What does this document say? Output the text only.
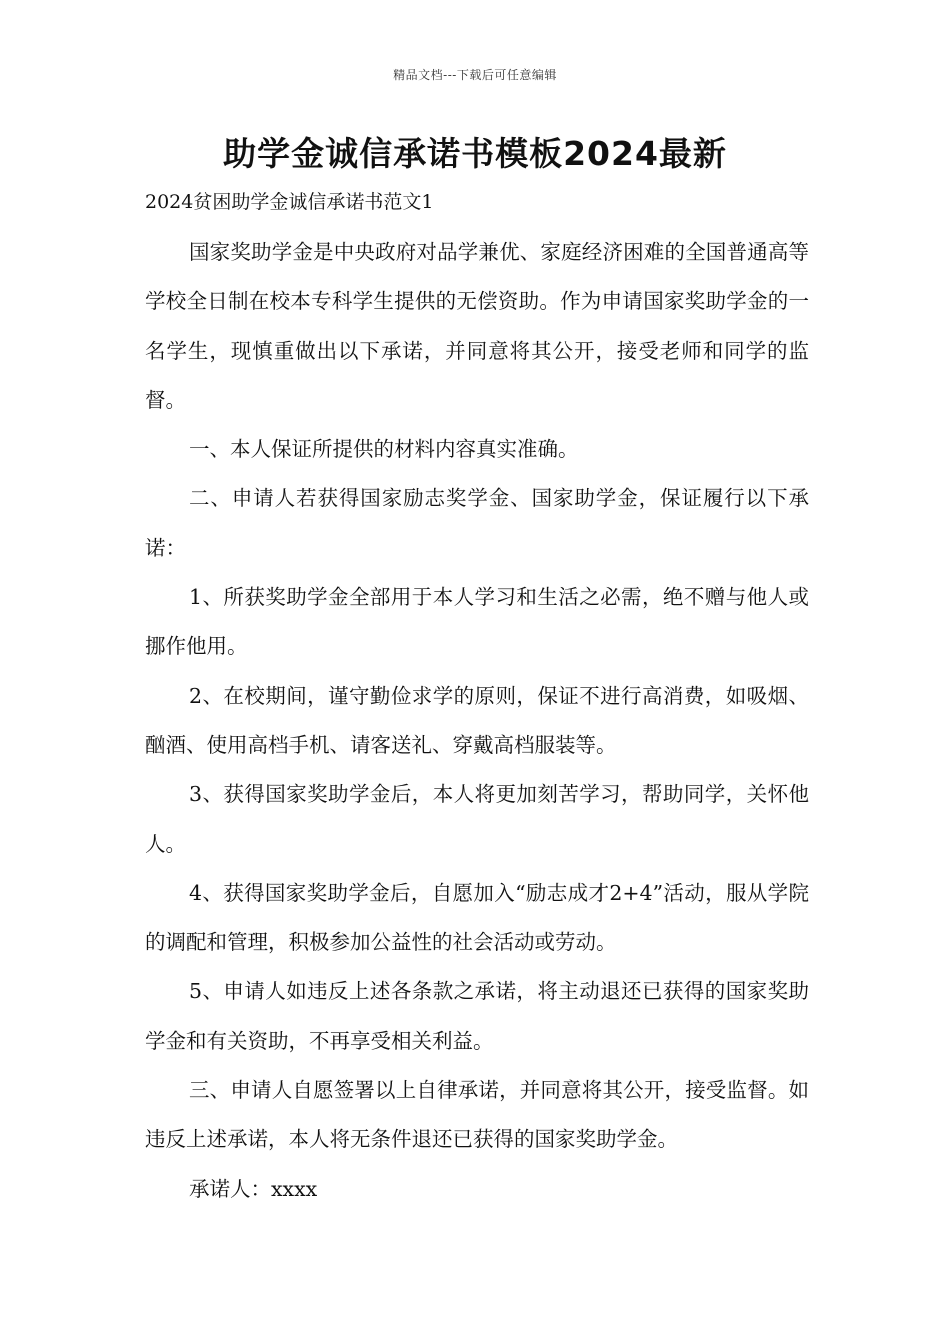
精品文档---下载后可任意编辑
助学金诚信承诺书模板2024最新

2024贫困助学金诚信承诺书范文1

国家奖助学金是中央政府对品学兼优、家庭经济困难的全国普通高等学校全日制在校本专科学生提供的无偿资助。作为申请国家奖助学金的一名学生，现慎重做出以下承诺，并同意将其公开，接受老师和同学的监督。

一、本人保证所提供的材料内容真实准确。

二、申请人若获得国家励志奖学金、国家助学金，保证履行以下承诺：

1、所获奖助学金全部用于本人学习和生活之必需，绝不赠与他人或挪作他用。

2、在校期间，谨守勤俭求学的原则，保证不进行高消费，如吸烟、酗酒、使用高档手机、请客送礼、穿戴高档服装等。

3、获得国家奖助学金后，本人将更加刻苦学习，帮助同学，关怀他人。

4、获得国家奖助学金后，自愿加入“励志成才2+4”活动，服从学院的调配和管理，积极参加公益性的社会活动或劳动。

5、申请人如违反上述各条款之承诺，将主动退还已获得的国家奖助学金和有关资助，不再享受相关利益。

三、申请人自愿签署以上自律承诺，并同意将其公开，接受监督。如违反上述承诺，本人将无条件退还已获得的国家奖助学金。

承诺人：xxxx
